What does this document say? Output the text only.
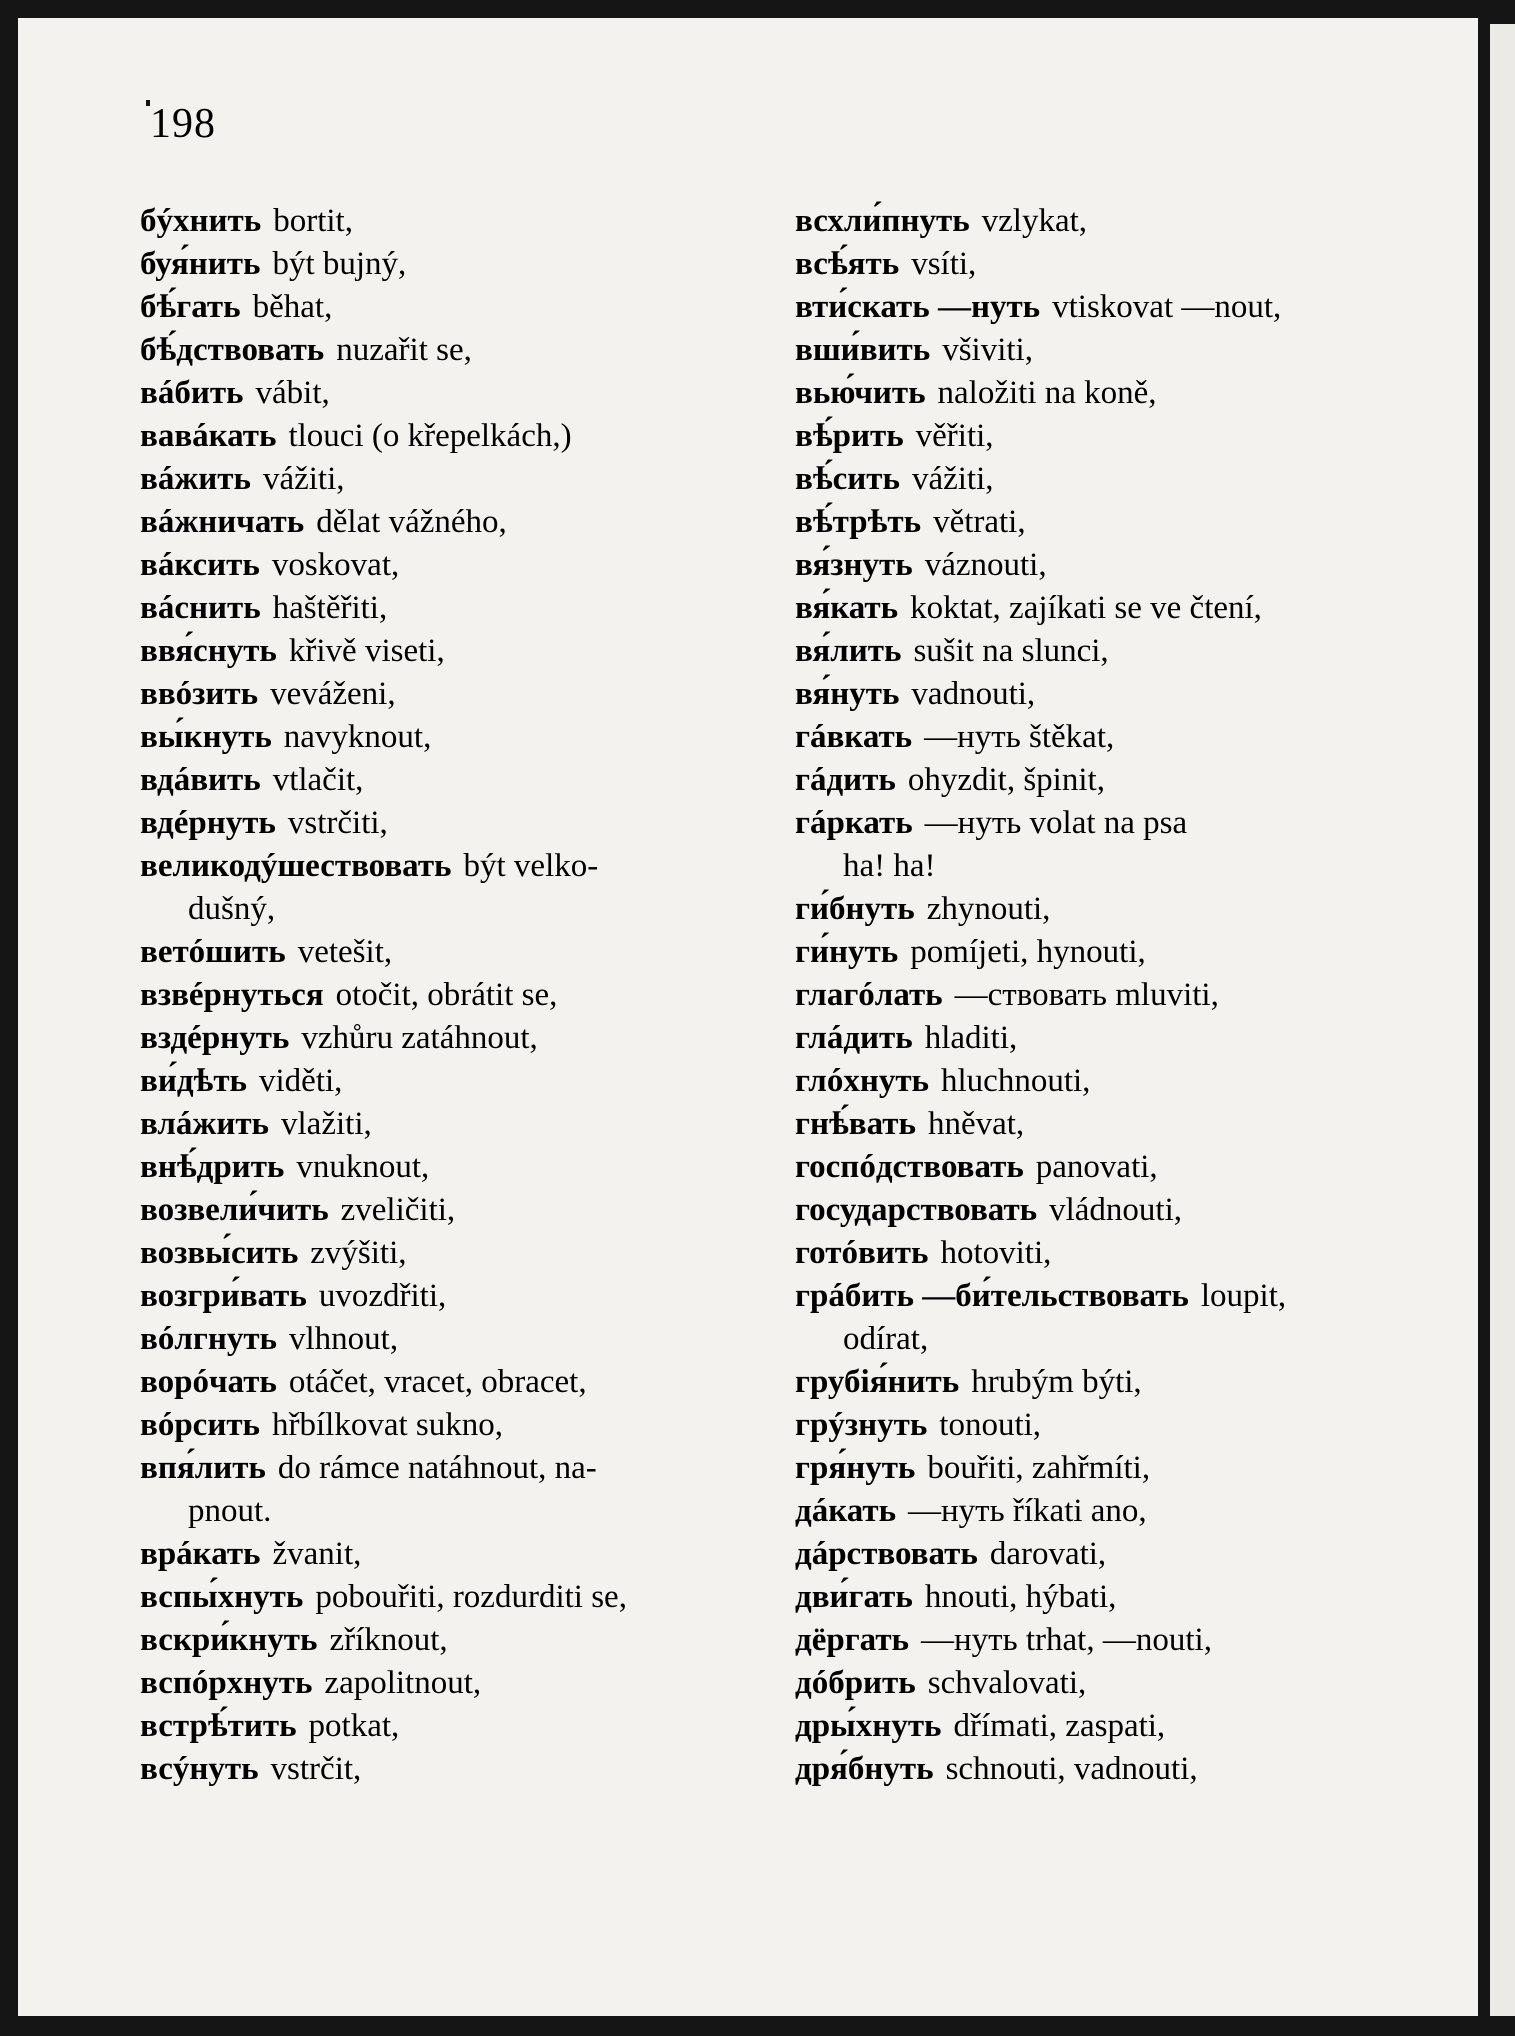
198
бýхнить bortit,
буя́нить být bujný,
бѣ́гать běhat,
бѣ́дствовать nuzařit se,
вáбить vábit,
вавáкать tlouci (o křepelkách,)
вáжить vážiti,
вáжничать dělat vážného,
вáксить voskovat,
вáснить haštěřiti,
ввя́снуть křivě viseti,
ввóзить veváženi,
вы́кнуть navyknout,
вдáвить vtlačit,
вдéрнуть vstrčiti,
великодýшествовать být velko-
dušný,
ветóшить vetešit,
взвéрнуться otočit, obrátit se,
вздéрнуть vzhůru zatáhnout,
ви́дѣть viděti,
влáжить vlažiti,
внѣ́дрить vnuknout,
возвели́чить zveličiti,
возвы́сить zvýšiti,
возгри́вать uvozdřiti,
вóлгнуть vlhnout,
ворóчать otáčet, vracet, obracet,
вóрсить hřbílkovat sukno,
впя́лить do rámce natáhnout, na-
pnout.
врáкать žvanit,
вспы́хнуть pobouřiti, rozdurditi se,
вскри́кнуть zříknout,
вспóрхнуть zapolitnout,
встрѣ́тить potkat,
всýнуть vstrčit,
всхли́пнуть vzlykat,
всѣ́ять vsíti,
вти́скать —нуть vtiskovat —nout,
вши́вить všiviti,
вью́чить naložiti na koně,
вѣ́рить věřiti,
вѣ́сить vážiti,
вѣ́трѣть větrati,
вя́знуть váznouti,
вя́кать koktat, zajíkati se ve čtení,
вя́лить sušit na slunci,
вя́нуть vadnouti,
гáвкать —нуть štěkat,
гáдить ohyzdit, špinit,
гáркать —нуть volat na psa
ha! ha!
ги́бнуть zhynouti,
ги́нуть pomíjeti, hynouti,
глагóлать —ствовать mluviti,
глáдить hladiti,
глóхнуть hluchnouti,
гнѣ́вать hněvat,
госпóдствовать panovati,
государствовать vládnouti,
готóвить hotoviti,
грáбить —би́тельствовать loupit,
odírat,
грубія́нить hrubým býti,
грýзнуть tonouti,
гря́нуть bouřiti, zahřmíti,
дáкать —нуть říkati ano,
дáрствовать darovati,
дви́гать hnouti, hýbati,
дёргать —нуть trhat, —nouti,
дóбрить schvalovati,
дры́хнуть dřímati, zaspati,
дря́бнуть schnouti, vadnouti,
